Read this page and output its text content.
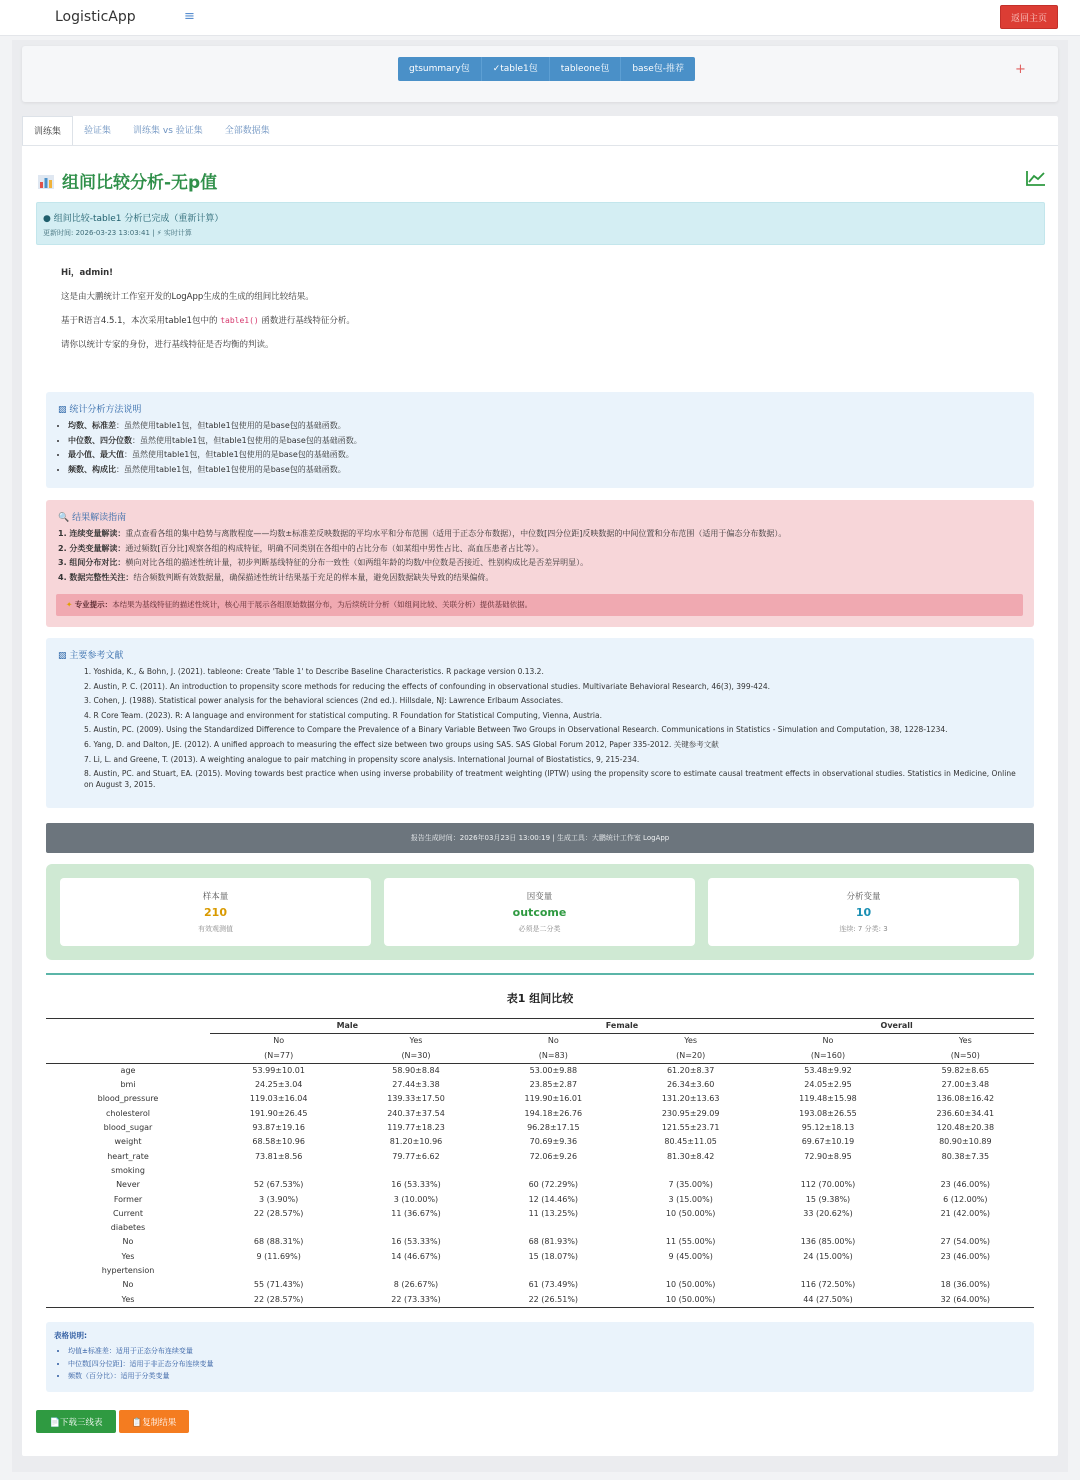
LogisticApp	≡	返回主页
gtsummary包	✓table1包	tableone包	base包-推荐	+
训练集	验证集	训练集 vs 验证集	全部数据集
组间比较分析-无p值
● 组间比较-table1 分析已完成（重新计算）
更新时间: 2026-03-23 13:03:41 | ⚡ 实时计算

Hi，admin!

这是由大鹏统计工作室开发的LogApp生成的生成的组间比较结果。

基于R语言4.5.1，本次采用table1包中的 table1() 函数进行基线特征分析。

请你以统计专家的身份，进行基线特征是否均衡的判读。

▨ 统计分析方法说明
• 均数、标准差：虽然使用table1包，但table1包使用的是base包的基础函数。
• 中位数、四分位数：虽然使用table1包，但table1包使用的是base包的基础函数。
• 最小值、最大值：虽然使用table1包，但table1包使用的是base包的基础函数。
• 频数、构成比：虽然使用table1包，但table1包使用的是base包的基础函数。
🔍 结果解读指南
1. 连续变量解读：重点查看各组的集中趋势与离散程度——均数±标准差反映数据的平均水平和分布范围（适用于正态分布数据），中位数[四分位距]反映数据的中间位置和分布范围（适用于偏态分布数据）。
2. 分类变量解读：通过频数[百分比]观察各组的构成特征，明确不同类别在各组中的占比分布（如某组中男性占比、高血压患者占比等）。
3. 组间分布对比：横向对比各组的描述性统计量，初步判断基线特征的分布一致性（如两组年龄的均数/中位数是否接近、性别构成比是否差异明显）。
4. 数据完整性关注：结合频数判断有效数据量，确保描述性统计结果基于充足的样本量，避免因数据缺失导致的结果偏倚。
✦ 专业提示：本结果为基线特征的描述性统计，核心用于展示各组原始数据分布，为后续统计分析（如组间比较、关联分析）提供基础依据。
▨ 主要参考文献
1. Yoshida, K., & Bohn, J. (2021). tableone: Create 'Table 1' to Describe Baseline Characteristics. R package version 0.13.2.
2. Austin, P. C. (2011). An introduction to propensity score methods for reducing the effects of confounding in observational studies. Multivariate Behavioral Research, 46(3), 399-424.
3. Cohen, J. (1988). Statistical power analysis for the behavioral sciences (2nd ed.). Hillsdale, NJ: Lawrence Erlbaum Associates.
4. R Core Team. (2023). R: A language and environment for statistical computing. R Foundation for Statistical Computing, Vienna, Austria.
5. Austin, PC. (2009). Using the Standardized Difference to Compare the Prevalence of a Binary Variable Between Two Groups in Observational Research. Communications in Statistics - Simulation and Computation, 38, 1228-1234.
6. Yang, D. and Dalton, JE. (2012). A unified approach to measuring the effect size between two groups using SAS. SAS Global Forum 2012, Paper 335-2012. 关键参考文献
7. Li, L. and Greene, T. (2013). A weighting analogue to pair matching in propensity score analysis. International Journal of Biostatistics, 9, 215-234.
8. Austin, PC. and Stuart, EA. (2015). Moving towards best practice when using inverse probability of treatment weighting (IPTW) using the propensity score to estimate causal treatment effects in observational studies. Statistics in Medicine, Online on August 3, 2015.
报告生成时间：2026年03月23日 13:00:19 | 生成工具：大鹏统计工作室 LogApp
样本量
210
有效观测值
因变量
outcome
必须是二分类
分析变量
10
连续: 7 分类: 3
表1 组间比较
	Male		Female		Overall	
	No	Yes	No	Yes	No	Yes
	(N=77)	(N=30)	(N=83)	(N=20)	(N=160)	(N=50)
age	53.99±10.01	58.90±8.84	53.00±9.88	61.20±8.37	53.48±9.92	59.82±8.65
bmi	24.25±3.04	27.44±3.38	23.85±2.87	26.34±3.60	24.05±2.95	27.00±3.48
blood_pressure	119.03±16.04	139.33±17.50	119.90±16.01	131.20±13.63	119.48±15.98	136.08±16.42
cholesterol	191.90±26.45	240.37±37.54	194.18±26.76	230.95±29.09	193.08±26.55	236.60±34.41
blood_sugar	93.87±19.16	119.77±18.23	96.28±17.15	121.55±23.71	95.12±18.13	120.48±20.38
weight	68.58±10.96	81.20±10.96	70.69±9.36	80.45±11.05	69.67±10.19	80.90±10.89
heart_rate	73.81±8.56	79.77±6.62	72.06±9.26	81.30±8.42	72.90±8.95	80.38±7.35
smoking						
Never	52 (67.53%)	16 (53.33%)	60 (72.29%)	7 (35.00%)	112 (70.00%)	23 (46.00%)
Former	3 (3.90%)	3 (10.00%)	12 (14.46%)	3 (15.00%)	15 (9.38%)	6 (12.00%)
Current	22 (28.57%)	11 (36.67%)	11 (13.25%)	10 (50.00%)	33 (20.62%)	21 (42.00%)
diabetes						
No	68 (88.31%)	16 (53.33%)	68 (81.93%)	11 (55.00%)	136 (85.00%)	27 (54.00%)
Yes	9 (11.69%)	14 (46.67%)	15 (18.07%)	9 (45.00%)	24 (15.00%)	23 (46.00%)
hypertension						
No	55 (71.43%)	8 (26.67%)	61 (73.49%)	10 (50.00%)	116 (72.50%)	18 (36.00%)
Yes	22 (28.57%)	22 (73.33%)	22 (26.51%)	10 (50.00%)	44 (27.50%)	32 (64.00%)
表格说明:
• 均值±标准差：适用于正态分布连续变量
• 中位数[四分位距]：适用于非正态分布连续变量
• 频数（百分比）：适用于分类变量
📄下载三线表	📋复制结果
